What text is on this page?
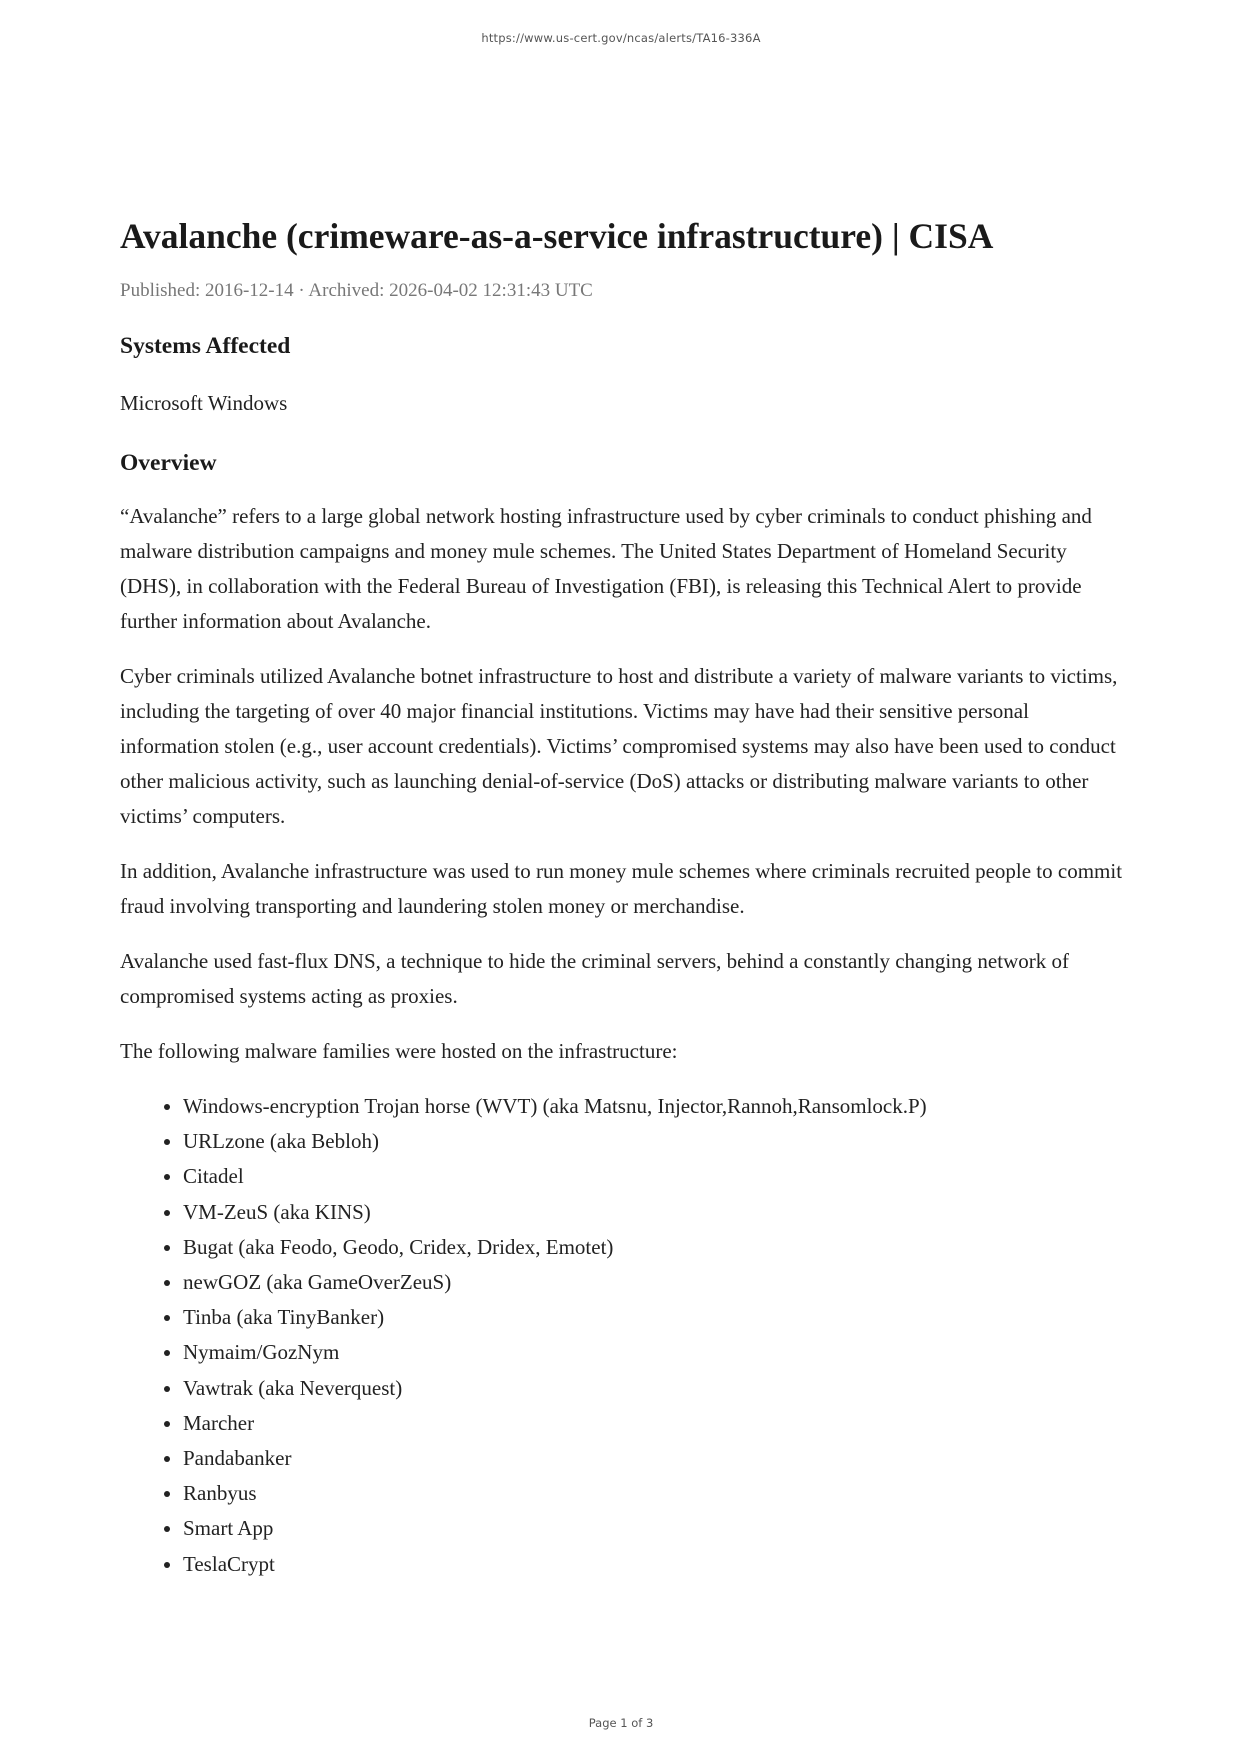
https://www.us-cert.gov/ncas/alerts/TA16-336A
Avalanche (crimeware-as-a-service infrastructure) | CISA
Published: 2016-12-14 · Archived: 2026-04-02 12:31:43 UTC
Systems Affected

Microsoft Windows

Overview

“Avalanche” refers to a large global network hosting infrastructure used by cyber criminals to conduct phishing and malware distribution campaigns and money mule schemes. The United States Department of Homeland Security (DHS), in collaboration with the Federal Bureau of Investigation (FBI), is releasing this Technical Alert to provide further information about Avalanche.

Cyber criminals utilized Avalanche botnet infrastructure to host and distribute a variety of malware variants to victims, including the targeting of over 40 major financial institutions. Victims may have had their sensitive personal information stolen (e.g., user account credentials). Victims’ compromised systems may also have been used to conduct other malicious activity, such as launching denial-of-service (DoS) attacks or distributing malware variants to other victims’ computers.

In addition, Avalanche infrastructure was used to run money mule schemes where criminals recruited people to commit fraud involving transporting and laundering stolen money or merchandise.

Avalanche used fast-flux DNS, a technique to hide the criminal servers, behind a constantly changing network of compromised systems acting as proxies.

The following malware families were hosted on the infrastructure:

• Windows-encryption Trojan horse (WVT) (aka Matsnu, Injector,Rannoh,Ransomlock.P)
• URLzone (aka Bebloh)
• Citadel
• VM-ZeuS (aka KINS)
• Bugat (aka Feodo, Geodo, Cridex, Dridex, Emotet)
• newGOZ (aka GameOverZeuS)
• Tinba (aka TinyBanker)
• Nymaim/GozNym
• Vawtrak (aka Neverquest)
• Marcher
• Pandabanker
• Ranbyus
• Smart App
• TeslaCrypt
Page 1 of 3
